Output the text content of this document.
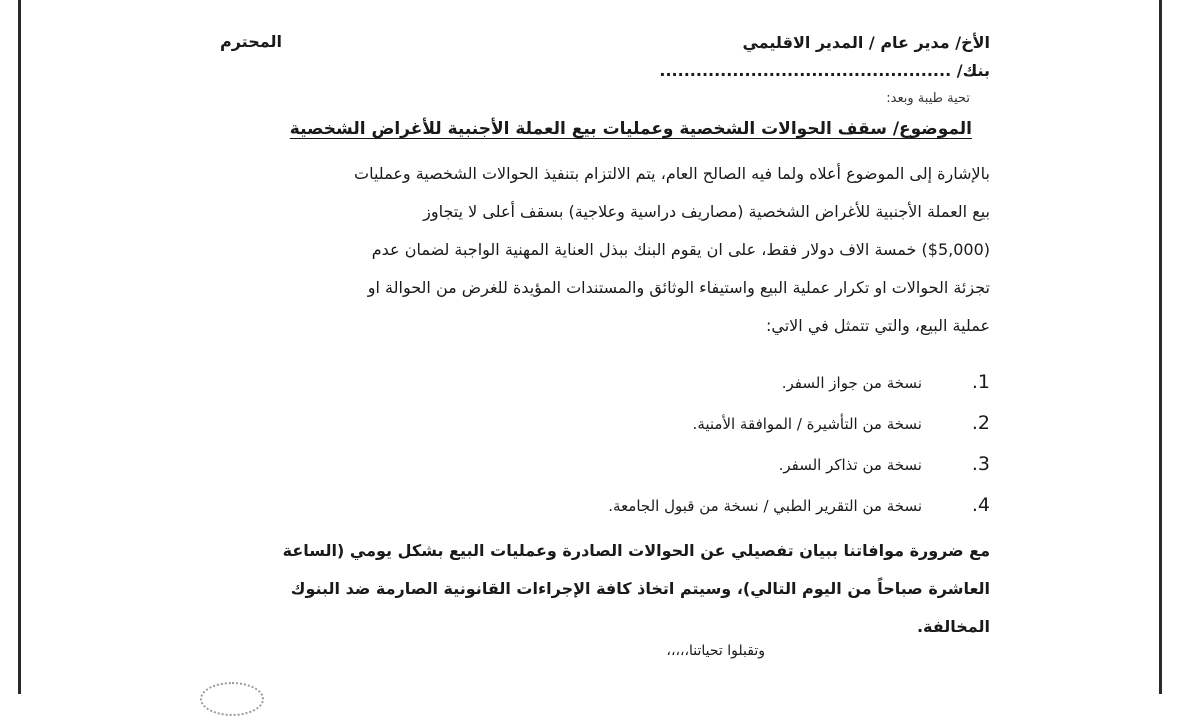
الأخ/ مدير عام / المدير الاقليمي
المحترم
بنك/ ................................................
تحية طيبة وبعد:
الموضوع/ سقف الحوالات الشخصية وعمليات بيع العملة الأجنبية للأغراض الشخصية
بالإشارة إلى الموضوع أعلاه ولما فيه الصالح العام، يتم الالتزام بتنفيذ الحوالات الشخصية وعمليات
بيع العملة الأجنبية للأغراض الشخصية (مصاريف دراسية وعلاجية) بسقف أعلى لا يتجاوز
($5,000) خمسة الاف دولار فقط، على ان يقوم البنك ببذل العناية المهنية الواجبة لضمان عدم
تجزئة الحوالات او تكرار عملية البيع واستيفاء الوثائق والمستندات المؤيدة للغرض من الحوالة او
عملية البيع، والتي تتمثل في الاتي:
1.نسخة من جواز السفر.
2.نسخة من التأشيرة / الموافقة الأمنية.
3.نسخة من تذاكر السفر.
4.نسخة من التقرير الطبي / نسخة من قبول الجامعة.
مع ضرورة موافاتنا ببيان تفصيلي عن الحوالات الصادرة وعمليات البيع بشكل يومي (الساعة
العاشرة صباحاً من اليوم التالي)، وسيتم اتخاذ كافة الإجراءات القانونية الصارمة ضد البنوك
المخالفة.
وتقبلوا تحياتنا،،،،،
